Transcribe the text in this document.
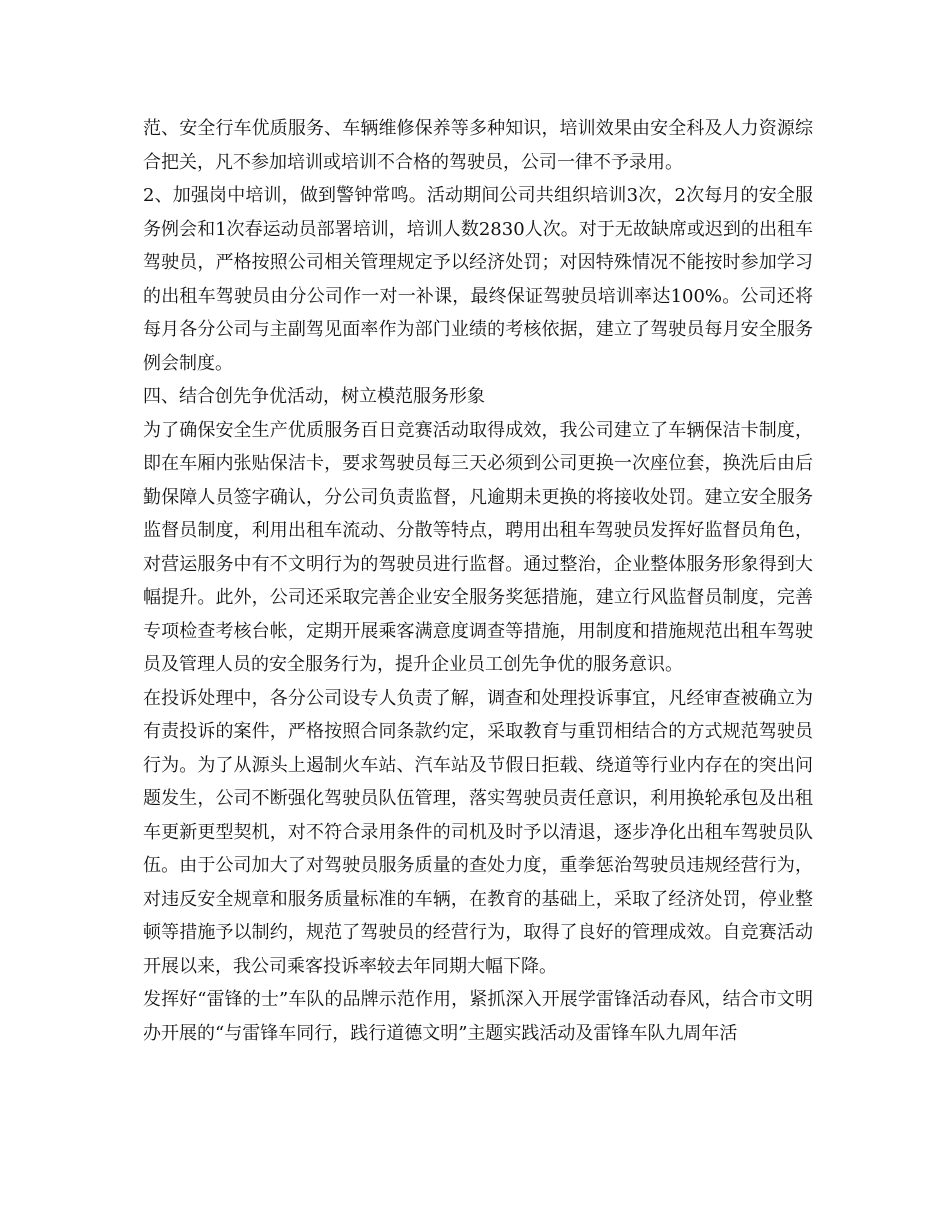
范、安全行车优质服务、车辆维修保养等多种知识，培训效果由安全科及人力资源综合把关，凡不参加培训或培训不合格的驾驶员，公司一律不予录用。

2、加强岗中培训，做到警钟常鸣。活动期间公司共组织培训3次，2次每月的安全服务例会和1次春运动员部署培训，培训人数2830人次。对于无故缺席或迟到的出租车驾驶员，严格按照公司相关管理规定予以经济处罚；对因特殊情况不能按时参加学习的出租车驾驶员由分公司作一对一补课，最终保证驾驶员培训率达100%。公司还将每月各分公司与主副驾见面率作为部门业绩的考核依据，建立了驾驶员每月安全服务例会制度。

四、结合创先争优活动，树立模范服务形象

为了确保安全生产优质服务百日竞赛活动取得成效，我公司建立了车辆保洁卡制度，即在车厢内张贴保洁卡，要求驾驶员每三天必须到公司更换一次座位套，换洗后由后勤保障人员签字确认，分公司负责监督，凡逾期未更换的将接收处罚。建立安全服务监督员制度，利用出租车流动、分散等特点，聘用出租车驾驶员发挥好监督员角色，对营运服务中有不文明行为的驾驶员进行监督。通过整治，企业整体服务形象得到大幅提升。此外，公司还采取完善企业安全服务奖惩措施，建立行风监督员制度，完善专项检查考核台帐，定期开展乘客满意度调查等措施，用制度和措施规范出租车驾驶员及管理人员的安全服务行为，提升企业员工创先争优的服务意识。

在投诉处理中，各分公司设专人负责了解，调查和处理投诉事宜，凡经审查被确立为有责投诉的案件，严格按照合同条款约定，采取教育与重罚相结合的方式规范驾驶员行为。为了从源头上遏制火车站、汽车站及节假日拒载、绕道等行业内存在的突出问题发生，公司不断强化驾驶员队伍管理，落实驾驶员责任意识，利用换轮承包及出租车更新更型契机，对不符合录用条件的司机及时予以清退，逐步净化出租车驾驶员队伍。由于公司加大了对驾驶员服务质量的查处力度，重拳惩治驾驶员违规经营行为，对违反安全规章和服务质量标准的车辆，在教育的基础上，采取了经济处罚，停业整顿等措施予以制约，规范了驾驶员的经营行为，取得了良好的管理成效。自竞赛活动开展以来，我公司乘客投诉率较去年同期大幅下降。

发挥好“雷锋的士”车队的品牌示范作用，紧抓深入开展学雷锋活动春风，结合市文明办开展的“与雷锋车同行，践行道德文明”主题实践活动及雷锋车队九周年活
